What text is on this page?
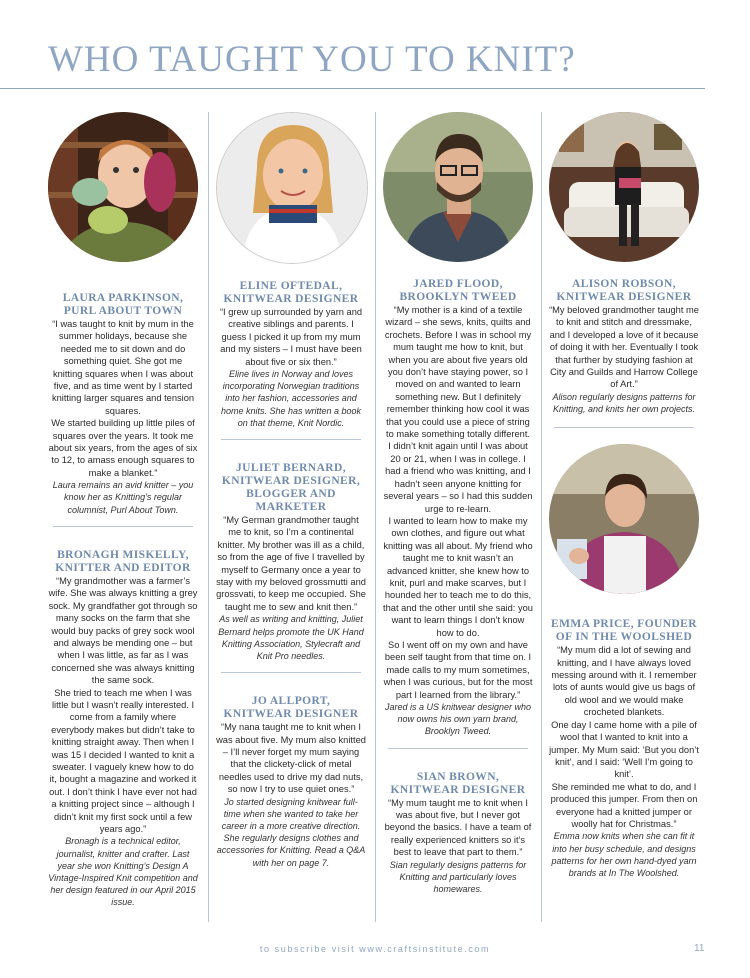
WHO TAUGHT YOU TO KNIT?
LAURA PARKINSON,
PURL ABOUT TOWN

“I was taught to knit by mum in the summer holidays, because she needed me to sit down and do something quiet. She got me knitting squares when I was about five, and as time went by I started knitting larger squares and tension squares.

We started building up little piles of squares over the years. It took me about six years, from the ages of six to 12, to amass enough squares to make a blanket.”

Laura remains an avid knitter – you know her as Knitting’s regular columnist, Purl About Town.
BRONAGH MISKELLY,
KNITTER AND EDITOR

“My grandmother was a farmer’s wife. She was always knitting a grey sock. My grandfather got through so many socks on the farm that she would buy packs of grey sock wool and always be mending one – but when I was little, as far as I was concerned she was always knitting the same sock.

She tried to teach me when I was little but I wasn’t really interested. I come from a family where everybody makes but didn’t take to knitting straight away. Then when I was 15 I decided I wanted to knit a sweater. I vaguely knew how to do it, bought a magazine and worked it out. I don’t think I have ever not had a knitting project since – although I didn’t knit my first sock until a few years ago.”

Bronagh is a technical editor, journalist, knitter and crafter. Last year she won Knitting’s Design A Vintage-Inspired Knit competition and her design featured in our April 2015 issue.
ELINE OFTEDAL,
KNITWEAR DESIGNER

“I grew up surrounded by yarn and creative siblings and parents. I guess I picked it up from my mum and my sisters – I must have been about five or six then.”

Eline lives in Norway and loves incorporating Norwegian traditions into her fashion, accessories and home knits. She has written a book on that theme, Knit Nordic.
JULIET BERNARD,
KNITWEAR DESIGNER,
BLOGGER AND MARKETER

“My German grandmother taught me to knit, so I’m a continental knitter. My brother was ill as a child, so from the age of five I travelled by myself to Germany once a year to stay with my beloved grossmutti and grossvati, to keep me occupied. She taught me to sew and knit then.”

As well as writing and knitting, Juliet Bernard helps promote the UK Hand Knitting Association, Stylecraft and Knit Pro needles.
JO ALLPORT,
KNITWEAR DESIGNER

“My nana taught me to knit when I was about five. My mum also knitted – I’ll never forget my mum saying that the clickety-click of metal needles used to drive my dad nuts, so now I try to use quiet ones.”

Jo started designing knitwear full-time when she wanted to take her career in a more creative direction. She regularly designs clothes and accessories for Knitting. Read a Q&A with her on page 7.
JARED FLOOD,
BROOKLYN TWEED

“My mother is a kind of a textile wizard – she sews, knits, quilts and crochets. Before I was in school my mum taught me how to knit, but when you are about five years old you don’t have staying power, so I moved on and wanted to learn something new. But I definitely remember thinking how cool it was that you could use a piece of string to make something totally different.

I didn’t knit again until I was about 20 or 21, when I was in college. I had a friend who was knitting, and I hadn’t seen anyone knitting for several years – so I had this sudden urge to re-learn.

I wanted to learn how to make my own clothes, and figure out what knitting was all about. My friend who taught me to knit wasn’t an advanced knitter, she knew how to knit, purl and make scarves, but I hounded her to teach me to do this, that and the other until she said: you want to learn things I don’t know how to do.

So I went off on my own and have been self taught from that time on. I made calls to my mum sometimes, when I was curious, but for the most part I learned from the library.”

Jared is a US knitwear designer who now owns his own yarn brand, Brooklyn Tweed.
SIAN BROWN,
KNITWEAR DESIGNER

“My mum taught me to knit when I was about five, but I never got beyond the basics. I have a team of really experienced knitters so it’s best to leave that part to them.”

Sian regularly designs patterns for Knitting and particularly loves homewares.
ALISON ROBSON,
KNITWEAR DESIGNER

“My beloved grandmother taught me to knit and stitch and dressmake, and I developed a love of it because of doing it with her. Eventually I took that further by studying fashion at City and Guilds and Harrow College of Art.”

Alison regularly designs patterns for Knitting, and knits her own projects.
EMMA PRICE, FOUNDER
OF IN THE WOOLSHED

“My mum did a lot of sewing and knitting, and I have always loved messing around with it. I remember lots of aunts would give us bags of old wool and we would make crocheted blankets.

One day I came home with a pile of wool that I wanted to knit into a jumper. My Mum said: ‘But you don’t knit’, and I said: ‘Well I’m going to knit’.

She reminded me what to do, and I produced this jumper. From then on everyone had a knitted jumper or woolly hat for Christmas.”

Emma now knits when she can fit it into her busy schedule, and designs patterns for her own hand-dyed yarn brands at In The Woolshed.
to subscribe visit www.craftsinstitute.com	11
